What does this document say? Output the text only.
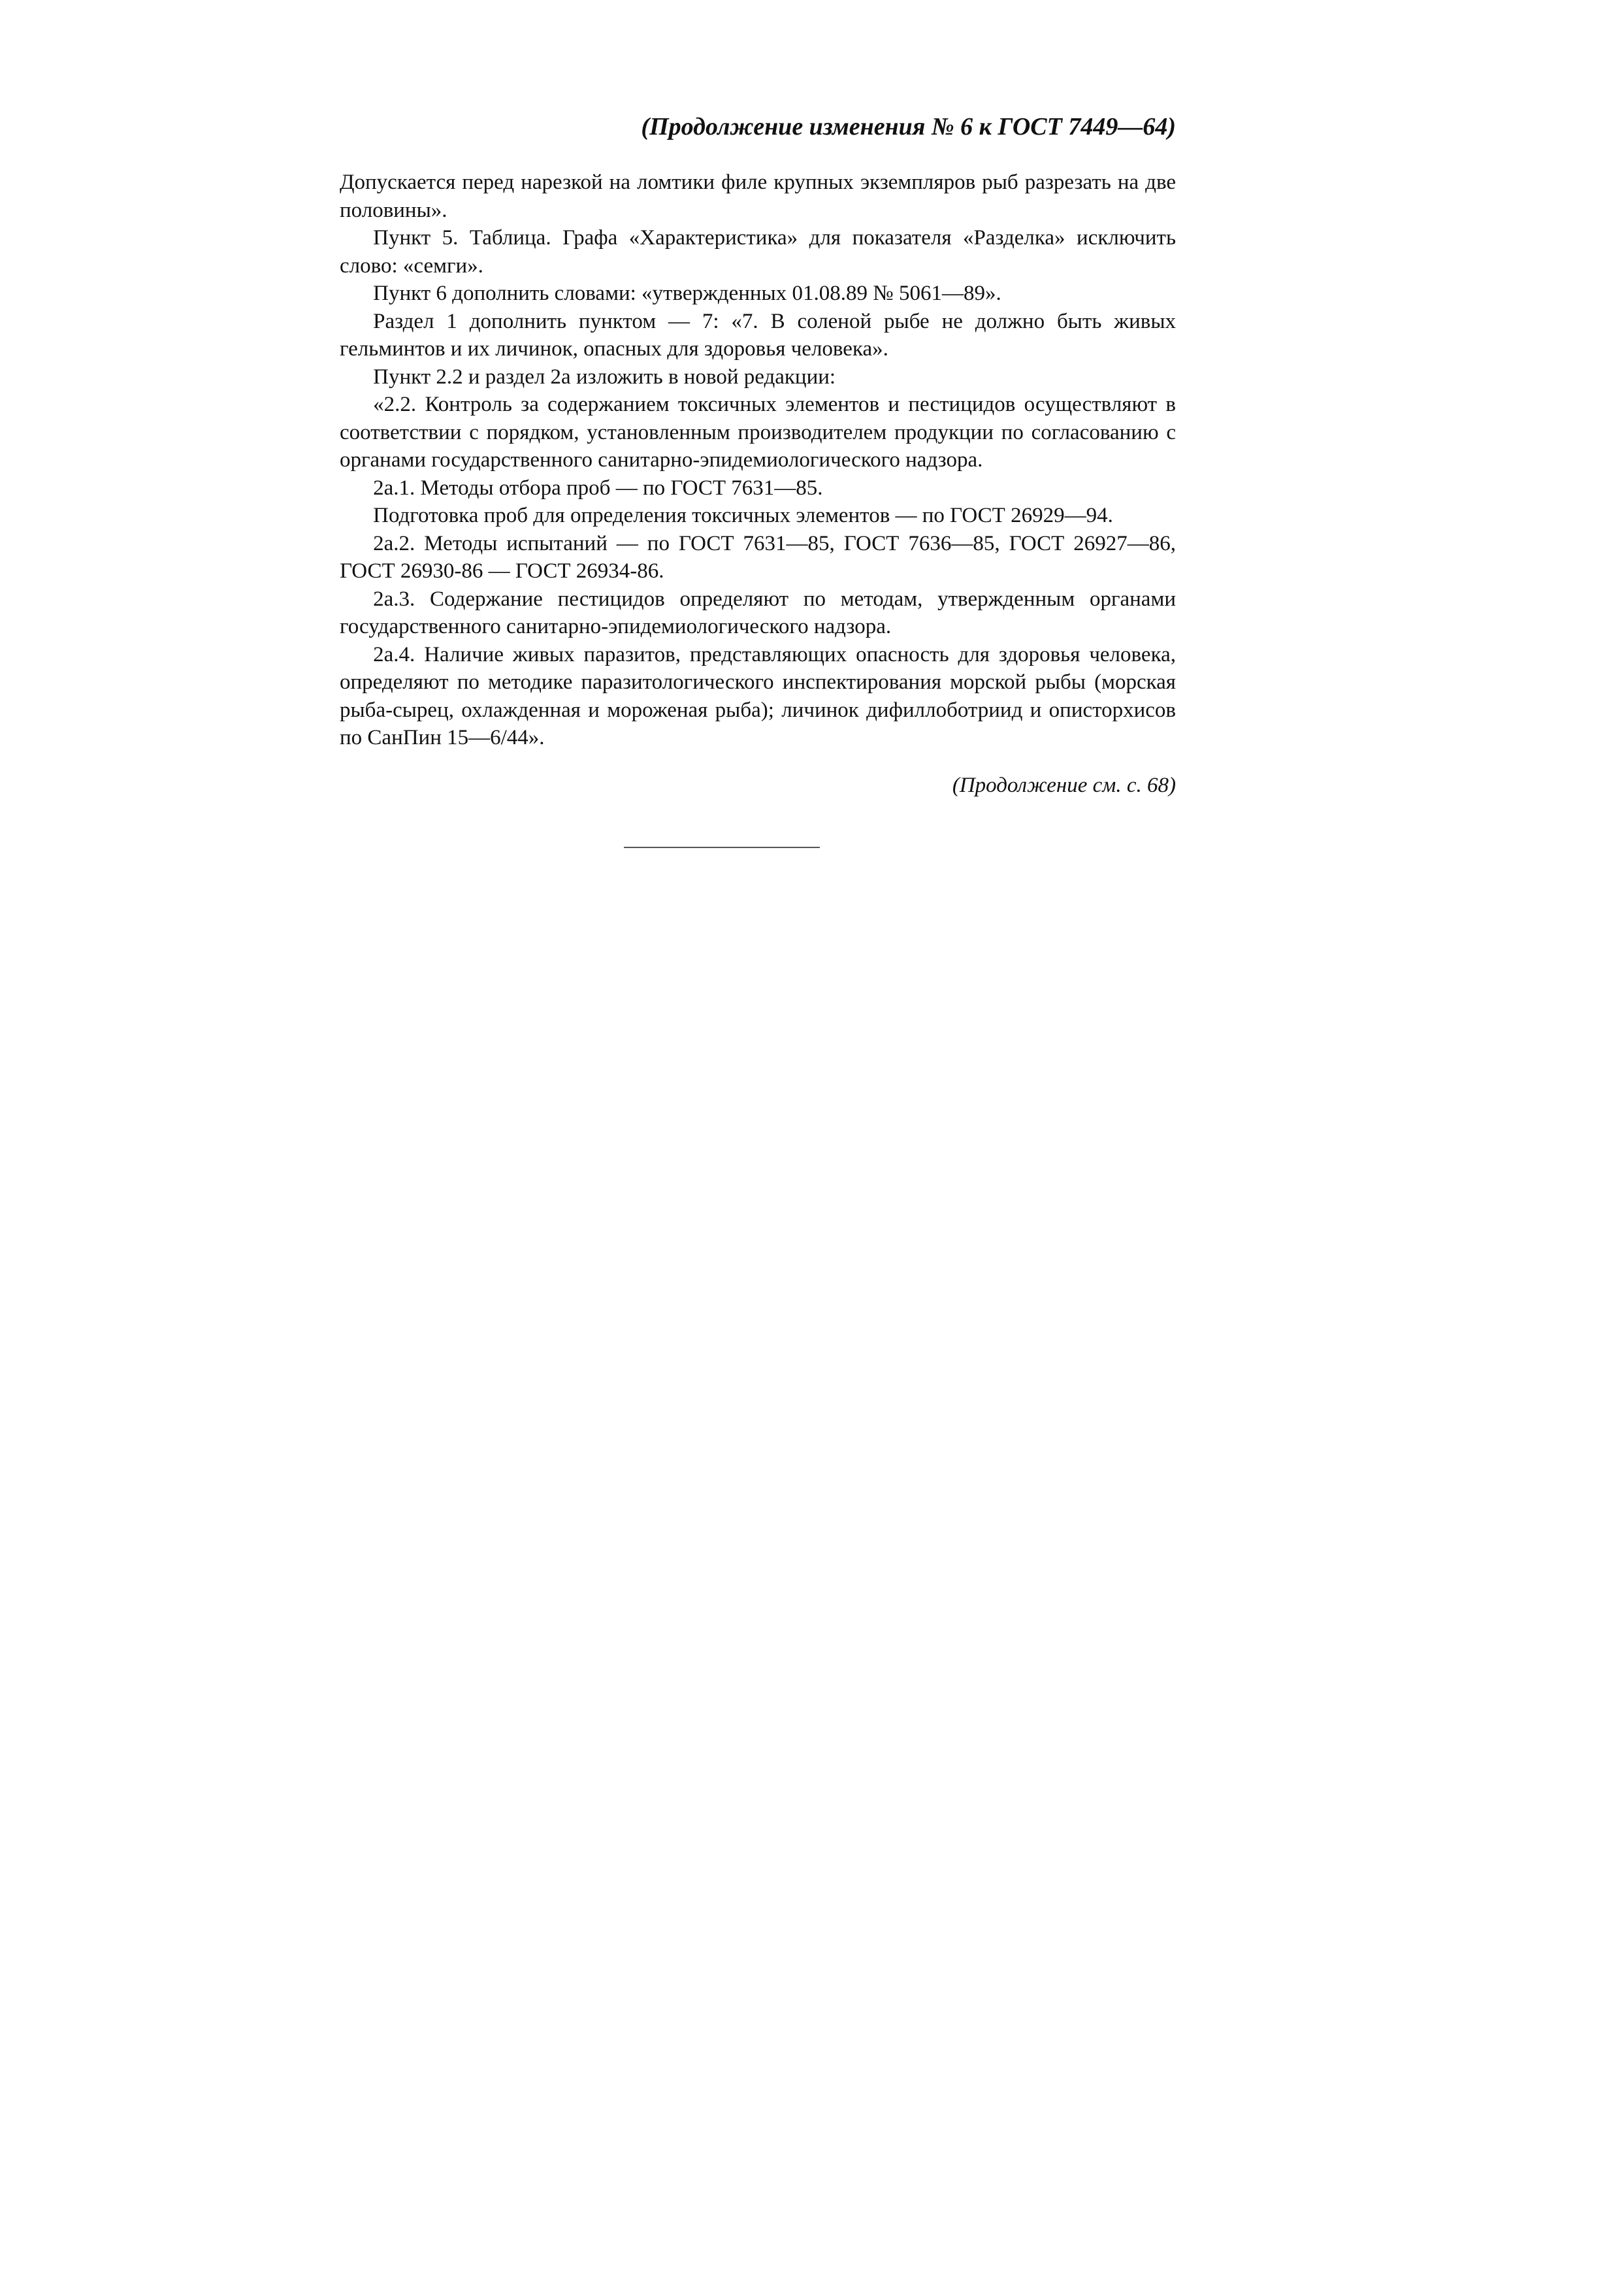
(Продолжение изменения № 6 к ГОСТ 7449—64)

Допускается перед нарезкой на ломтики филе крупных экземпляров рыб разрезать на две половины».

Пункт 5. Таблица. Графа «Характеристика» для показателя «Разделка» исключить слово: «семги».

Пункт 6 дополнить словами: «утвержденных 01.08.89 № 5061—89».

Раздел 1 дополнить пунктом — 7: «7. В соленой рыбе не должно быть живых гельминтов и их личинок, опасных для здоровья человека».

Пункт 2.2 и раздел 2а изложить в новой редакции:

«2.2. Контроль за содержанием токсичных элементов и пестицидов осуществляют в соответствии с порядком, установленным производителем продукции по согласованию с органами государственного санитарно-эпидемиологического надзора.

2а.1. Методы отбора проб — по ГОСТ 7631—85.

Подготовка проб для определения токсичных элементов — по ГОСТ 26929—94.

2а.2. Методы испытаний — по ГОСТ 7631—85, ГОСТ 7636—85, ГОСТ 26927—86, ГОСТ 26930-86 — ГОСТ 26934-86.

2а.3. Содержание пестицидов определяют по методам, утвержденным органами государственного санитарно-эпидемиологического надзора.

2а.4. Наличие живых паразитов, представляющих опасность для здоровья человека, определяют по методике паразитологического инспектирования морской рыбы (морская рыба-сырец, охлажденная и мороженая рыба); личинок дифиллоботриид и описторхисов по СанПин 15—6/44».

(Продолжение см. с. 68)
